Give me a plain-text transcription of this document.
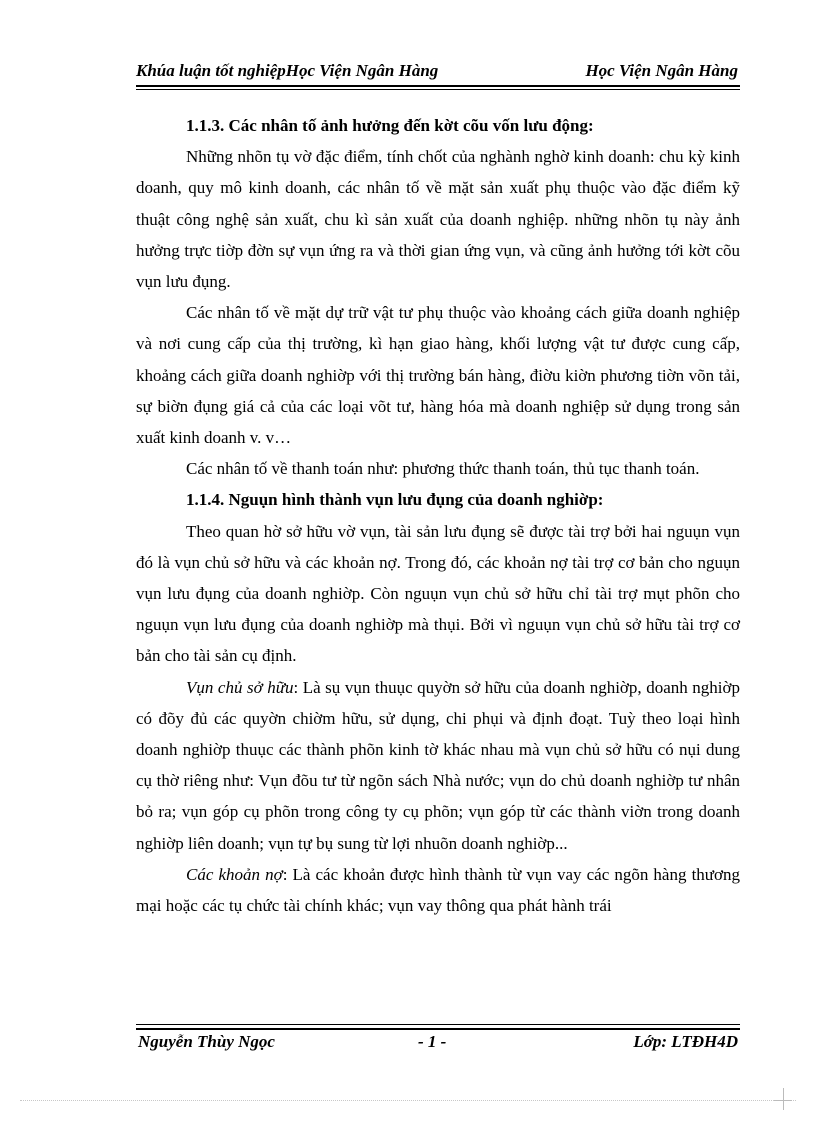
Khúa luận tốt nghiệpHọc Viện Ngân Hàng	Học Viện Ngân Hàng

1.1.3. Các nhân tố ảnh hưởng đến kờt cõu vốn lưu động:

Những nhõn tụ vờ đặc điểm, tính chốt của nghành nghờ kinh doanh: chu kỳ kinh doanh, quy mô kinh doanh, các nhân tố về mặt sản xuất phụ thuộc vào đặc điểm kỹ thuật công nghệ sản xuất, chu kì sản xuất của doanh nghiệp. những nhõn tụ này ảnh hưởng trực tiờp đờn sự vụn ứng ra và thời gian ứng vụn, và cũng ảnh hưởng tới kờt cõu vụn lưu đụng.

Các nhân tố về mặt dự trữ vật tư phụ thuộc vào khoảng cách giữa doanh nghiệp và nơi cung cấp của thị trường, kì hạn giao hàng, khối lượng vật tư được cung cấp, khoảng cách giữa doanh nghiờp với thị trường bán hàng, điờu kiờn phương tiờn võn tải, sự biờn đụng giá cả của các loại võt tư, hàng hóa mà doanh nghiệp sử dụng trong sản xuất kinh doanh v. v…

Các nhân tố về thanh toán như: phương thức thanh toán, thủ tục thanh toán.

1.1.4. Nguụn hình thành vụn lưu đụng của doanh nghiờp:

Theo quan hờ sở hữu vờ vụn, tài sản lưu đụng sẽ được tài trợ bởi hai nguụn vụn đó là vụn chủ sở hữu và các khoản nợ. Trong đó, các khoản nợ tài trợ cơ bản cho nguụn vụn lưu đụng của doanh nghiờp. Còn nguụn vụn chủ sở hữu chỉ tài trợ mụt phõn cho nguụn vụn lưu đụng của doanh nghiờp mà thụi. Bởi vì nguụn vụn chủ sở hữu tài trợ cơ bản cho tài sản cụ định.

Vụn chủ sở hữu: Là sụ vụn thuục quyờn sở hữu của doanh nghiờp, doanh nghiờp có đõy đủ các quyờn chiờm hữu, sử dụng, chi phụi và định đoạt. Tuỳ theo loại hình doanh nghiờp thuục các thành phõn kinh tờ khác nhau mà vụn chủ sở hữu có nụi dung cụ thờ riêng như: Vụn đõu tư từ ngõn sách Nhà nước; vụn do chủ doanh nghiờp tư nhân bỏ ra; vụn góp cụ phõn trong công ty cụ phõn; vụn góp từ các thành viờn trong doanh nghiờp liên doanh; vụn tự bụ sung từ lợi nhuõn doanh nghiờp...

Các khoản nợ: Là các khoản được hình thành từ vụn vay các ngõn hàng thương mại hoặc các tụ chức tài chính khác; vụn vay thông qua phát hành trái

Nguyễn Thùy Ngọc	- 1 -	Lớp: LTĐH4D
